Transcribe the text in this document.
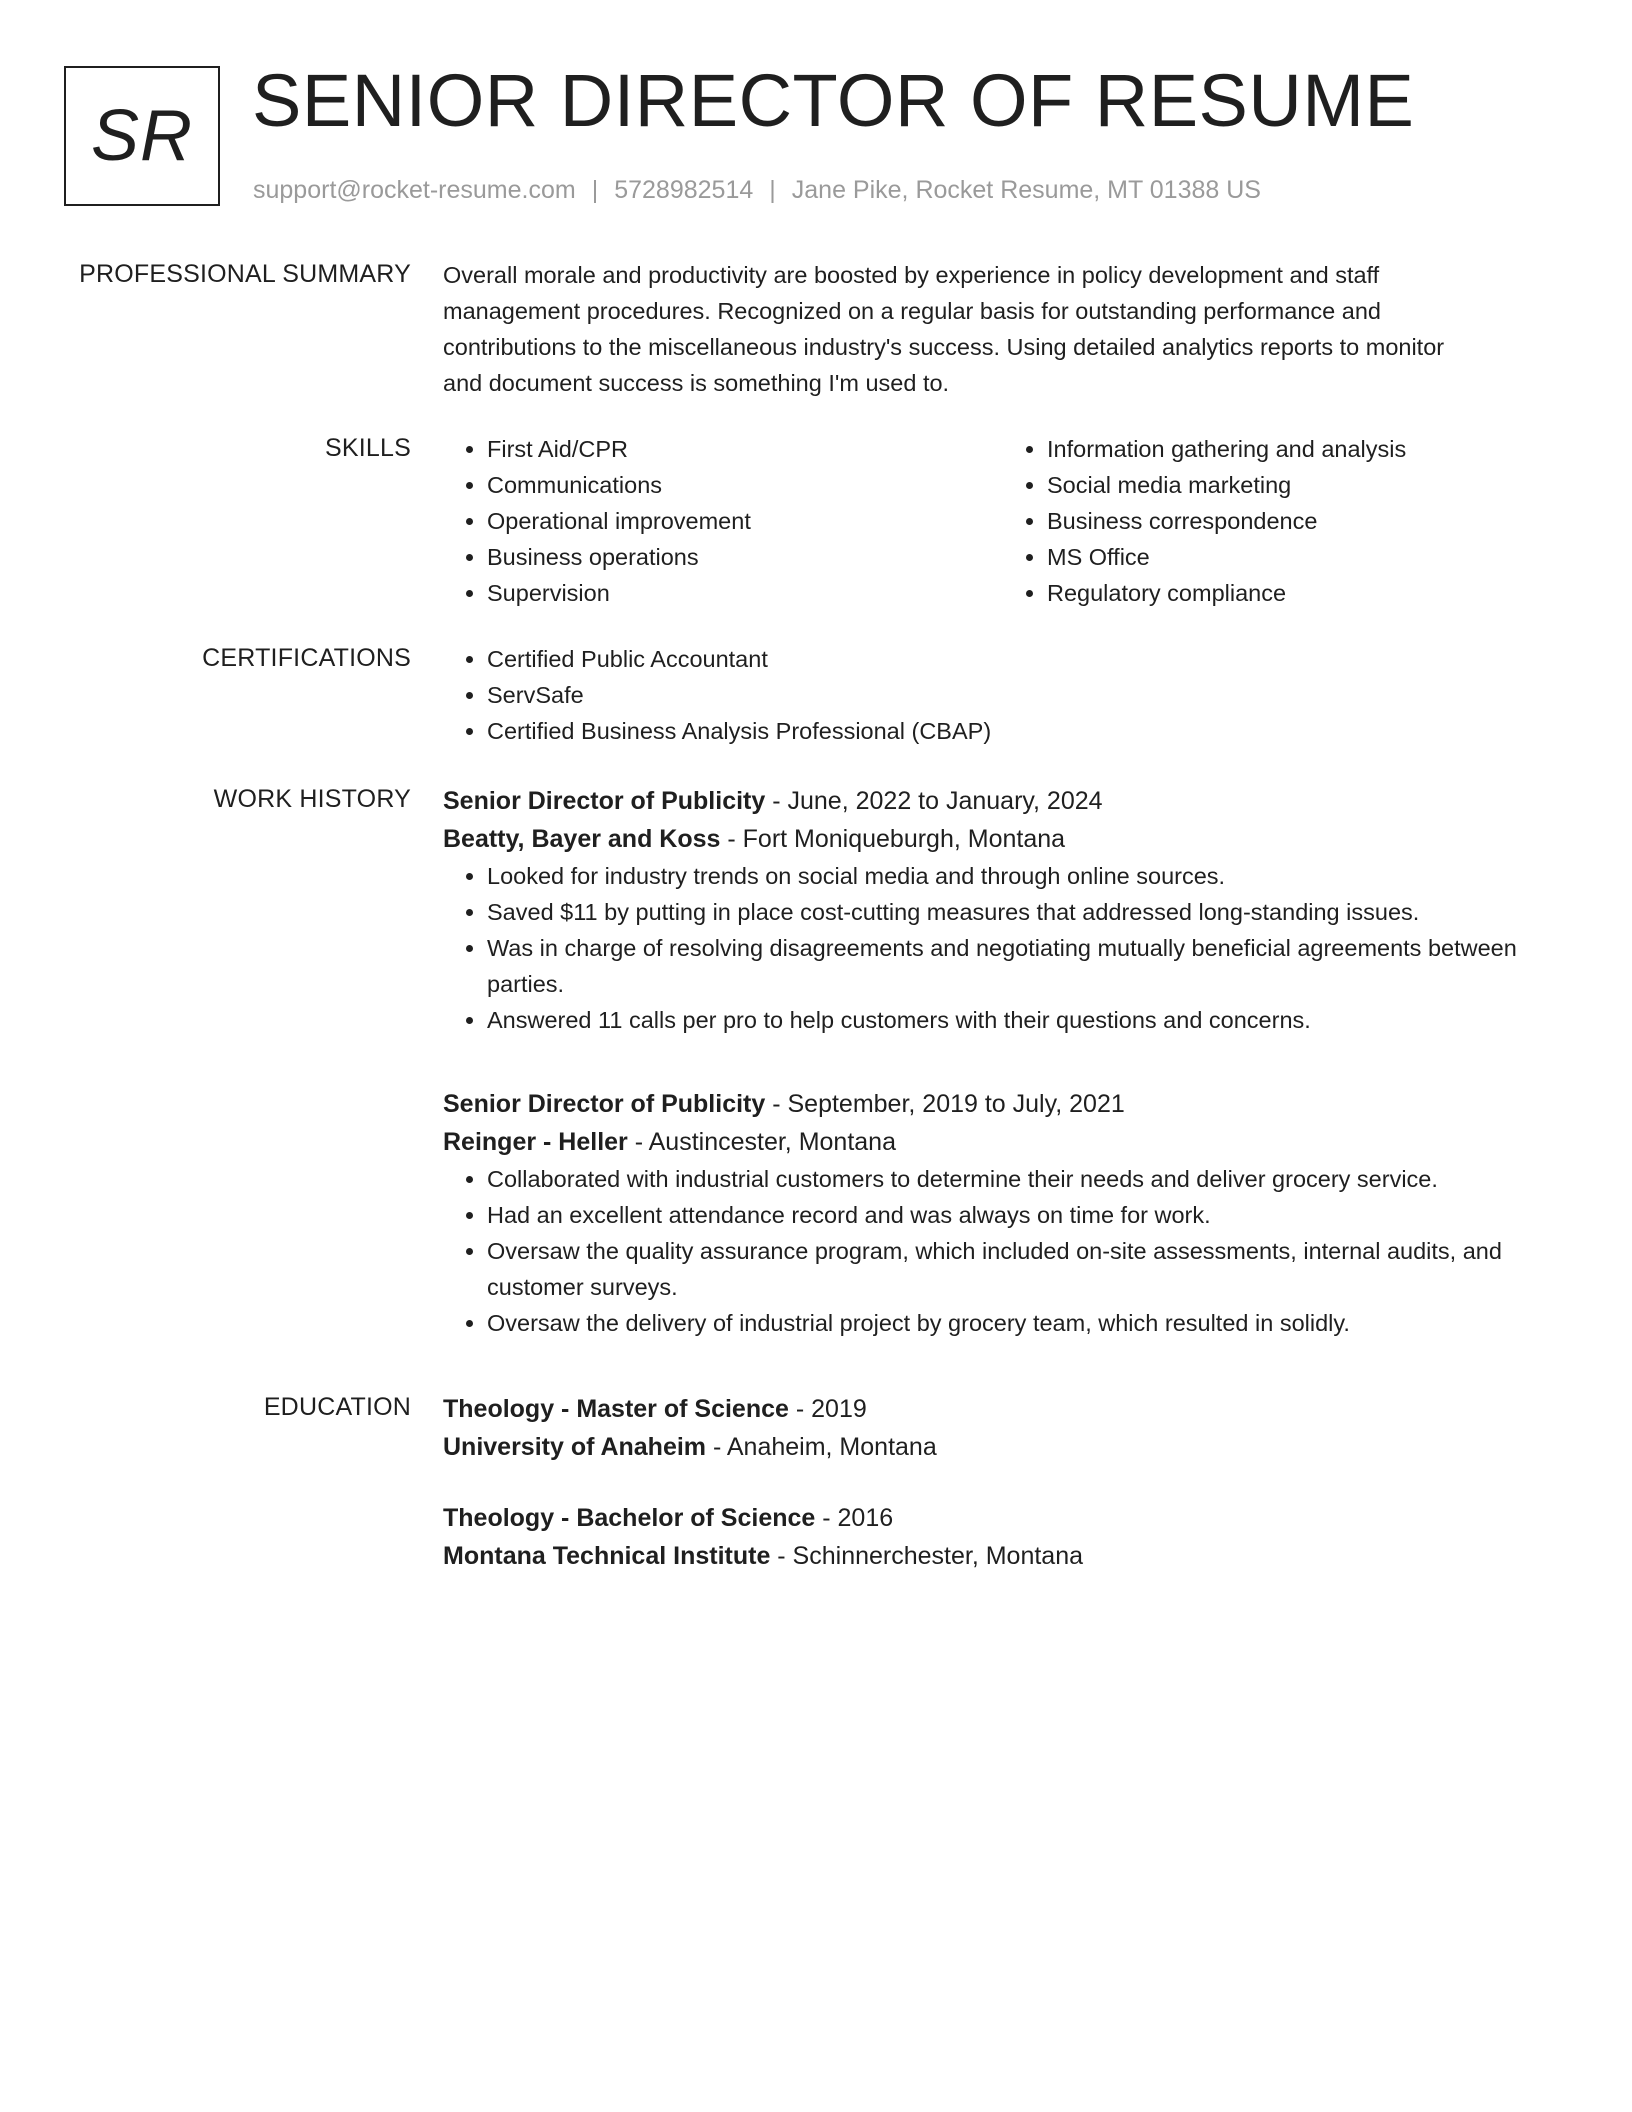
SR SENIOR DIRECTOR OF RESUME
support@rocket-resume.com | 5728982514 | Jane Pike, Rocket Resume, MT 01388 US
PROFESSIONAL SUMMARY Overall morale and productivity are boosted by experience in policy development and staff

management procedures. Recognized on a regular basis for outstanding performance and

contributions to the miscellaneous industry's success. Using detailed analytics reports to monitor

and document success is something I'm used to.

SKILLS	• First Aid/CPR
• Communications
• Operational improvement
• Business operations
• Supervision
• Information gathering and analysis
• Social media marketing
• Business correspondence
• MS Office
• Regulatory compliance
CERTIFICATIONS	• Certified Public Accountant
• ServSafe
• Certified Business Analysis Professional (CBAP)
WORK HISTORY Senior Director of Publicity - June, 2022 to January, 2024
Beatty, Bayer and Koss - Fort Moniqueburgh, Montana
• Looked for industry trends on social media and through online sources.
• Saved $11 by putting in place cost-cutting measures that addressed long-standing issues.
• Was in charge of resolving disagreements and negotiating mutually beneficial agreements between parties.
• Answered 11 calls per pro to help customers with their questions and concerns.
Senior Director of Publicity - September, 2019 to July, 2021
Reinger - Heller - Austincester, Montana
• Collaborated with industrial customers to determine their needs and deliver grocery service.
• Had an excellent attendance record and was always on time for work.
• Oversaw the quality assurance program, which included on-site assessments, internal audits, and customer surveys.
• Oversaw the delivery of industrial project by grocery team, which resulted in solidly.
EDUCATION Theology - Master of Science - 2019
University of Anaheim - Anaheim, Montana
Theology - Bachelor of Science - 2016
Montana Technical Institute - Schinnerchester, Montana
